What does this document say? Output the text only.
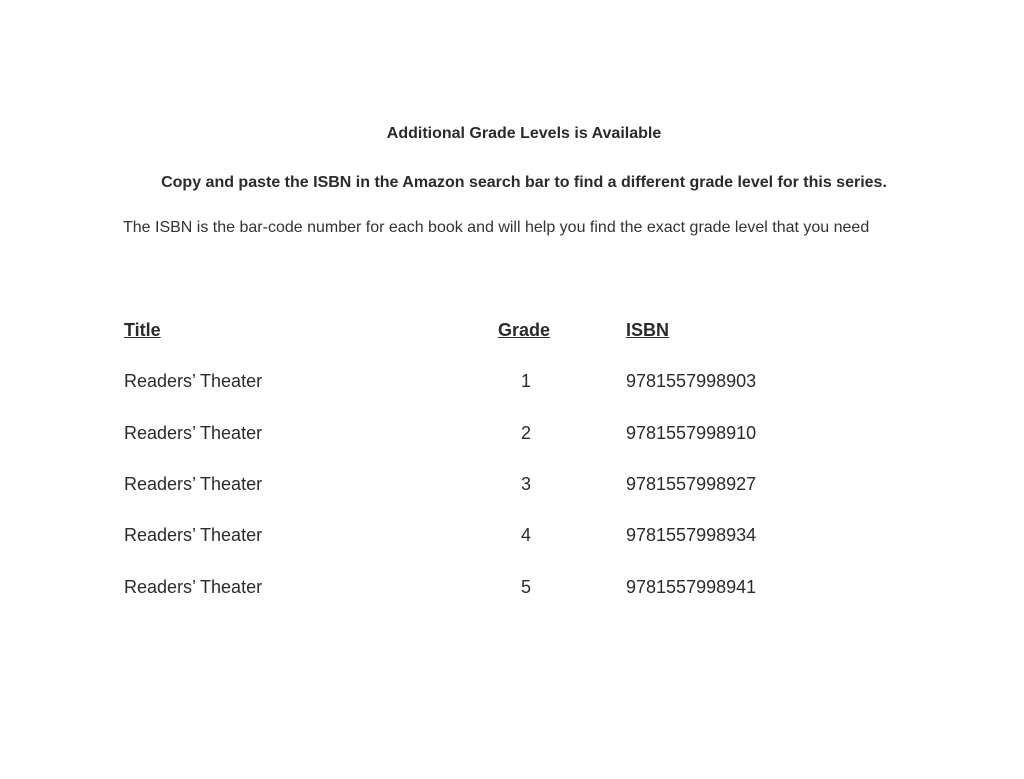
Additional Grade Levels is Available
Copy and paste the ISBN in the Amazon search bar to find a different grade level for this series.
The ISBN is the bar-code number for each book and will help you find the exact grade level that you need
Title	Grade	ISBN
Readers’ Theater	1	9781557998903
Readers’ Theater	2	9781557998910
Readers’ Theater	3	9781557998927
Readers’ Theater	4	9781557998934
Readers’ Theater	5	9781557998941
